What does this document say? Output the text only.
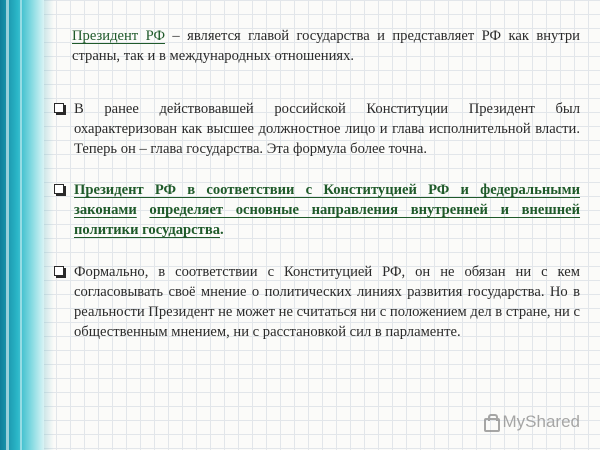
Президент РФ – является главой государства и представляет РФ как внутри страны, так и в международных отношениях.

В ранее действовавшей российской Конституции Президент был охарактеризован как высшее должностное лицо и глава исполнительной власти. Теперь он – глава государства. Эта формула более точна.

Президент РФ в соответствии с Конституцией РФ и федеральными законами определяет основные направления внутренней и внешней политики государства.

Формально, в соответствии с Конституцией РФ, он не обязан ни с кем согласовывать своё мнение о политических линиях развития государства. Но в реальности Президент не может не считаться ни с положением дел в стране, ни с общественным мнением, ни с расстановкой сил в парламенте.

MyShared
